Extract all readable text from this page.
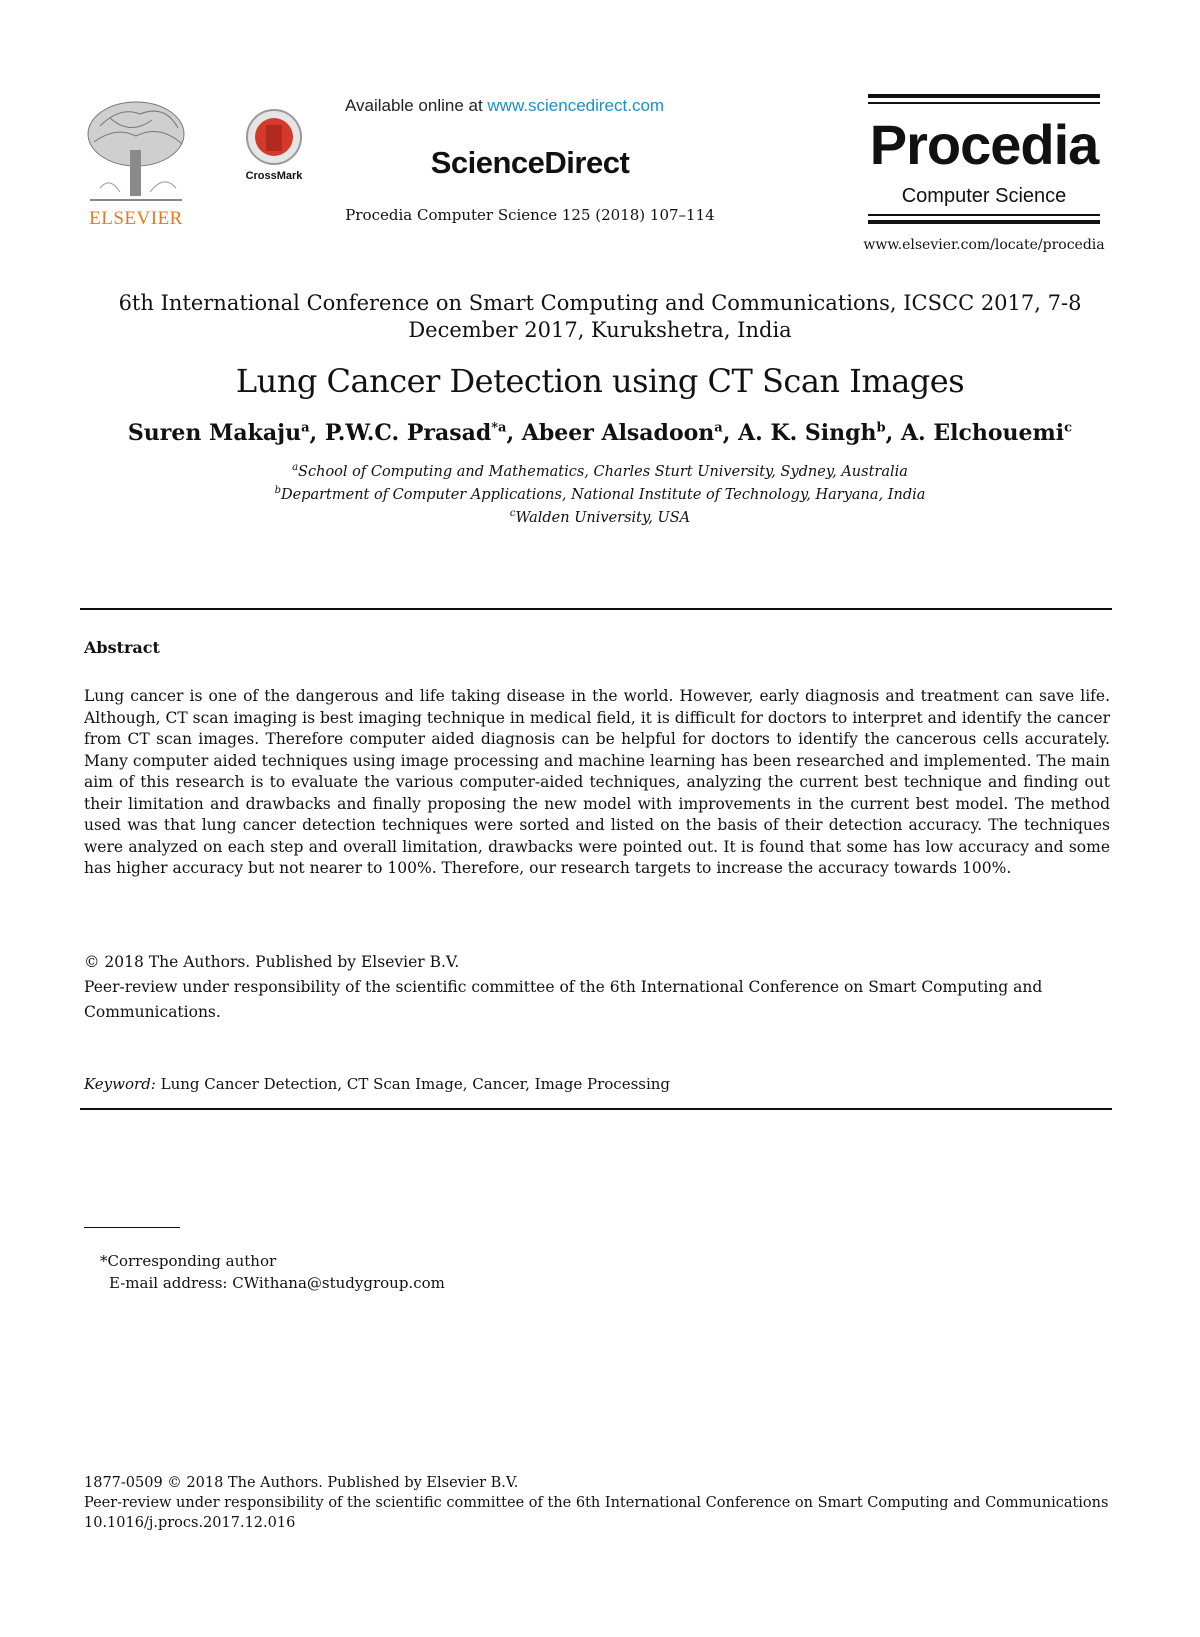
ELSEVIER
CrossMark
Available online at www.sciencedirect.com
ScienceDirect
Procedia Computer Science 125 (2018) 107–114
Procedia
Computer Science
www.elsevier.com/locate/procedia
6th International Conference on Smart Computing and Communications, ICSCC 2017, 7-8
December 2017, Kurukshetra, India
Lung Cancer Detection using CT Scan Images
Suren Makaju$^a$, P.W.C. Prasad$^{*a}$, Abeer Alsadoon$^a$, A. K. Singh$^b$, A. Elchouemi$^c$
$^a$School of Computing and Mathematics, Charles Sturt University, Sydney, Australia
$^b$Department of Computer Applications, National Institute of Technology, Haryana, India
$^c$Walden University, USA
Abstract
Lung cancer is one of the dangerous and life taking disease in the world. However, early diagnosis and treatment can save life. Although, CT scan imaging is best imaging technique in medical field, it is difficult for doctors to interpret and identify the cancer from CT scan images. Therefore computer aided diagnosis can be helpful for doctors to identify the cancerous cells accurately. Many computer aided techniques using image processing and machine learning has been researched and implemented. The main aim of this research is to evaluate the various computer-aided techniques, analyzing the current best technique and finding out their limitation and drawbacks and finally proposing the new model with improvements in the current best model. The method used was that lung cancer detection techniques were sorted and listed on the basis of their detection accuracy. The techniques were analyzed on each step and overall limitation, drawbacks were pointed out. It is found that some has low accuracy and some has higher accuracy but not nearer to 100%. Therefore, our research targets to increase the accuracy towards 100%.
© 2018 The Authors. Published by Elsevier B.V.
Peer-review under responsibility of the scientific committee of the 6th International Conference on Smart Computing and Communications.
Keyword: Lung Cancer Detection, CT Scan Image, Cancer, Image Processing
*Corresponding author
E-mail address: CWithana@studygroup.com
1877-0509 © 2018 The Authors. Published by Elsevier B.V.
Peer-review under responsibility of the scientific committee of the 6th International Conference on Smart Computing and Communications
10.1016/j.procs.2017.12.016
